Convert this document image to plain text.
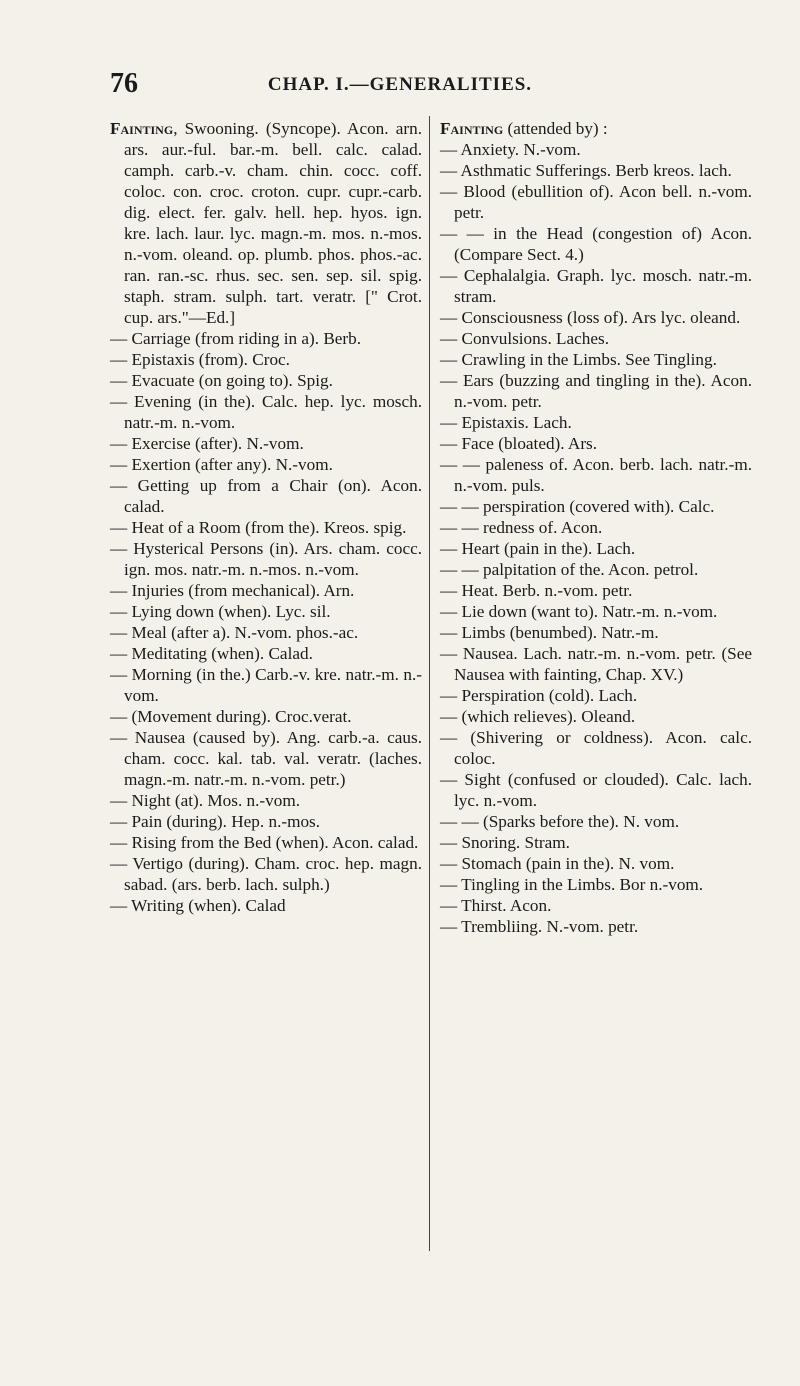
76	CHAP. I.—GENERALITIES.
Fainting, Swooning. (Syncope). Acon. arn. ars. aur.-ful. bar.-m. bell. calc. calad. camph. carb.-v. cham. chin. cocc. coff. coloc. con. croc. croton. cupr. cupr.-carb. dig. elect. fer. galv. hell. hep. hyos. ign. kre. lach. laur. lyc. magn.-m. mos. n.-mos. n.-vom. oleand. op. plumb. phos. phos.-ac. ran. ran.-sc. rhus. sec. sen. sep. sil. spig. staph. stram. sulph. tart. veratr. [" Crot. cup. ars."—Ed.]
— Carriage (from riding in a). Berb.
— Epistaxis (from). Croc.
— Evacuate (on going to). Spig.
— Evening (in the). Calc. hep. lyc. mosch. natr.-m. n.-vom.
— Exercise (after). N.-vom.
— Exertion (after any). N.-vom.
— Getting up from a Chair (on). Acon. calad.
— Heat of a Room (from the). Kreos. spig.
— Hysterical Persons (in). Ars. cham. cocc. ign. mos. natr.-m. n.-mos. n.-vom.
— Injuries (from mechanical). Arn.
— Lying down (when). Lyc. sil.
— Meal (after a). N.-vom. phos.-ac.
— Meditating (when). Calad.
— Morning (in the.) Carb.-v. kre. natr.-m. n.-vom.
— (Movement during). Croc.verat.
— Nausea (caused by). Ang. carb.-a. caus. cham. cocc. kal. tab. val. veratr. (laches. magn.-m. natr.-m. n.-vom. petr.)
— Night (at). Mos. n.-vom.
— Pain (during). Hep. n.-mos.
— Rising from the Bed (when). Acon. calad.
— Vertigo (during). Cham. croc. hep. magn. sabad. (ars. berb. lach. sulph.)
— Writing (when). Calad
Fainting (attended by) :
— Anxiety. N.-vom.
— Asthmatic Sufferings. Berb kreos. lach.
— Blood (ebullition of). Acon bell. n.-vom. petr.
— — in the Head (congestion of) Acon. (Compare Sect. 4.)
— Cephalalgia. Graph. lyc. mosch. natr.-m. stram.
— Consciousness (loss of). Ars lyc. oleand.
— Convulsions. Laches.
— Crawling in the Limbs. See Tingling.
— Ears (buzzing and tingling in the). Acon. n.-vom. petr.
— Epistaxis. Lach.
— Face (bloated). Ars.
— — paleness of. Acon. berb. lach. natr.-m. n.-vom. puls.
— — perspiration (covered with). Calc.
— — redness of. Acon.
— Heart (pain in the). Lach.
— — palpitation of the. Acon. petrol.
— Heat. Berb. n.-vom. petr.
— Lie down (want to). Natr.-m. n.-vom.
— Limbs (benumbed). Natr.-m.
— Nausea. Lach. natr.-m. n.-vom. petr. (See Nausea with fainting, Chap. XV.)
— Perspiration (cold). Lach.
— (which relieves). Oleand.
— (Shivering or coldness). Acon. calc. coloc.
— Sight (confused or clouded). Calc. lach. lyc. n.-vom.
— — (Sparks before the). N. vom.
— Snoring. Stram.
— Stomach (pain in the). N. vom.
— Tingling in the Limbs. Bor n.-vom.
— Thirst. Acon.
— Trembliing. N.-vom. petr.
